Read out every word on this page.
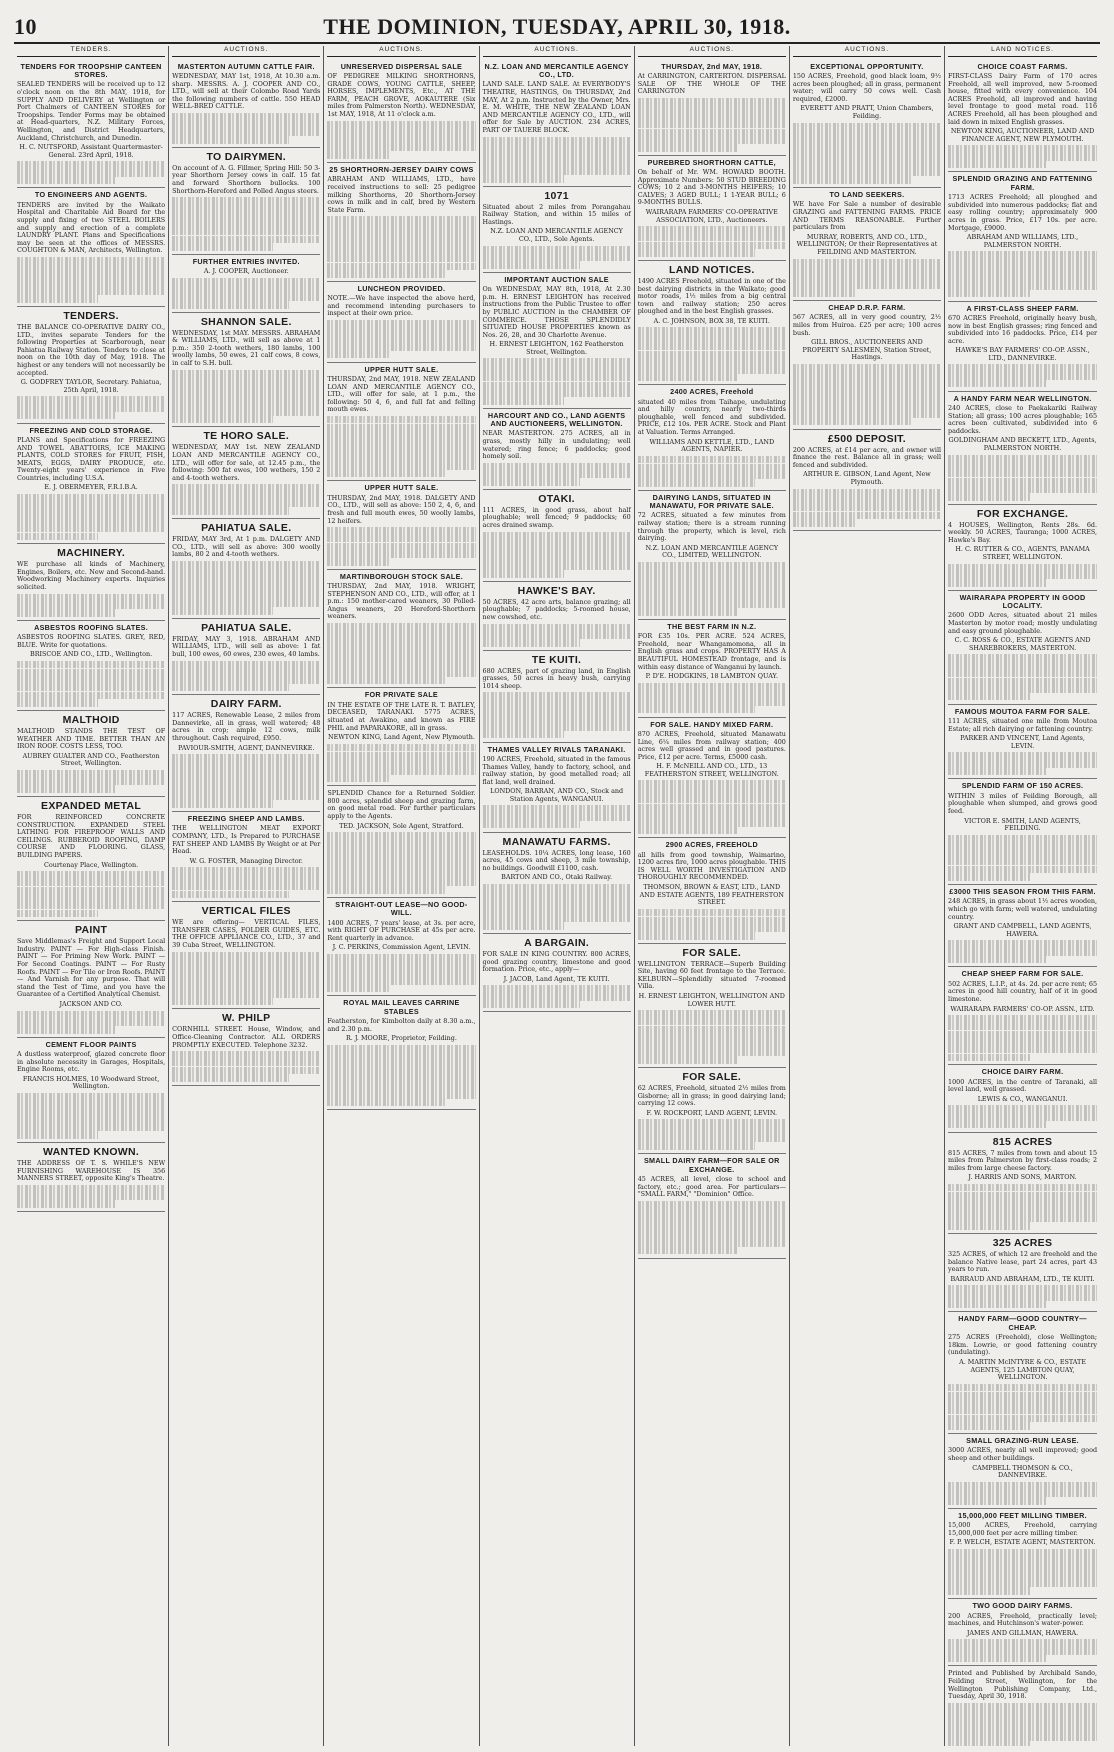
10	THE DOMINION, TUESDAY, APRIL 30, 1918.
TENDERS.
TENDERS FOR TROOPSHIP CANTEEN STORES.

SEALED TENDERS will be received up to 12 o'clock noon on the 8th MAY, 1918, for SUPPLY AND DELIVERY at Wellington or Port Chalmers of CANTEEN STORES for Troopships. Tender Forms may be obtained at Head-quarters, N.Z. Military Forces, Wellington, and District Headquarters, Auckland, Christchurch, and Dunedin.

H. C. NUTSFORD, Assistant Quartermaster-General. 23rd April, 1918.

TO ENGINEERS AND AGENTS.

TENDERS are invited by the Waikato Hospital and Charitable Aid Board for the supply and fixing of two STEEL BOILERS and supply and erection of a complete LAUNDRY PLANT. Plans and Specifications may be seen at the offices of MESSRS. COUGHTON & MAN, Architects, Wellington.

TENDERS.

THE BALANCE CO-OPERATIVE DAIRY CO., LTD., invites separate Tenders for the following Properties at Scarborough, near Pahiatua Railway Station. Tenders to close at noon on the 10th day of May, 1918. The highest or any tenders will not necessarily be accepted.

G. GODFREY TAYLOR, Secretary. Pahiatua, 25th April, 1918.

FREEZING AND COLD STORAGE.

PLANS and Specifications for FREEZING AND TOWEL ABATTOIRS, ICE MAKING PLANTS, COLD STORES for FRUIT, FISH, MEATS, EGGS, DAIRY PRODUCE, etc. Twenty-eight years' experience in Five Countries, including U.S.A.

E. J. OBERMEYER, F.R.I.B.A.

MACHINERY.

WE purchase all kinds of Machinery, Engines, Boilers, etc. New and Second-hand. Woodworking Machinery experts. Inquiries solicited.

ASBESTOS ROOFING SLATES.

ASBESTOS ROOFING SLATES. GREY, RED, BLUE. Write for quotations.

BRISCOE AND CO., LTD., Wellington.

MALTHOID

MALTHOID STANDS THE TEST OF WEATHER AND TIME. BETTER THAN AN IRON ROOF. COSTS LESS, TOO.

AUBREY GUALTER AND CO., Featherston Street, Wellington.

EXPANDED METAL

FOR REINFORCED CONCRETE CONSTRUCTION. EXPANDED STEEL LATHING FOR FIREPROOF WALLS AND CEILINGS. RUBBEROID ROOFING, DAMP COURSE AND FLOORING. GLASS, BUILDING PAPERS.

Courtenay Place, Wellington.

PAINT

Save Middlemas's Freight and Support Local Industry. PAINT — For High-class Finish. PAINT — For Priming New Work. PAINT — For Second Coatings. PAINT — For Rusty Roofs. PAINT — For Tile or Iron Roofs. PAINT — And Varnish for any purpose. That will stand the Test of Time, and you have the Guarantee of a Certified Analytical Chemist.

JACKSON AND CO.

CEMENT FLOOR PAINTS

A dustless waterproof, glazed concrete floor in absolute necessity in Garages, Hospitals, Engine Rooms, etc.

FRANCIS HOLMES, 10 Woodward Street, Wellington.

WANTED KNOWN.

THE ADDRESS OF T. S. WHILE'S NEW FURNISHING WAREHOUSE IS 356 MANNERS STREET, opposite King's Theatre.

AUCTIONS.
MASTERTON AUTUMN CATTLE FAIR.

WEDNESDAY, MAY 1st, 1918, At 10.30 a.m. sharp. MESSRS. A. J. COOPER AND CO., LTD., will sell at their Colombo Road Yards the following numbers of cattle. 550 HEAD WELL-BRED CATTLE.

TO DAIRYMEN.

On account of A. G. Fillmer, Spring Hill: 50 3-year Shorthorn Jersey cows in calf. 15 fat and forward Shorthorn bullocks. 100 Shorthorn-Hereford and Polled Angus steers.

FURTHER ENTRIES INVITED.

A. J. COOPER, Auctioneer.

SHANNON SALE.

WEDNESDAY, 1st MAY. MESSRS. ABRAHAM & WILLIAMS, LTD., will sell as above at 1 p.m.: 350 2-tooth wethers, 180 lambs, 100 woolly lambs, 50 ewes, 21 calf cows, 8 cows, in calf to S.H. bull.

TE HORO SALE.

WEDNESDAY, MAY 1st. NEW ZEALAND LOAN AND MERCANTILE AGENCY CO., LTD., will offer for sale, at 12.45 p.m., the following: 500 fat ewes, 100 wethers, 150 2 and 4-tooth wethers.

PAHIATUA SALE.

FRIDAY, MAY 3rd, At 1 p.m. DALGETY AND CO., LTD., will sell as above: 300 woolly lambs, 80 2 and 4-tooth wethers.

PAHIATUA SALE.

FRIDAY, MAY 3, 1918. ABRAHAM AND WILLIAMS, LTD., will sell as above: 1 fat bull, 100 ewes, 60 ewes, 230 ewes, 40 lambs.

DAIRY FARM.

117 ACRES, Renewable Lease, 2 miles from Dannevirke, all in grass, well watered; 48 acres in crop; ample 12 cows, milk throughout. Cash required, £950.

PAVIOUR-SMITH, AGENT, DANNEVIRKE.

FREEZING SHEEP AND LAMBS.

THE WELLINGTON MEAT EXPORT COMPANY, LTD., Is Prepared to PURCHASE FAT SHEEP AND LAMBS By Weight or at Per Head.

W. G. FOSTER, Managing Director.

VERTICAL FILES

WE are offering— VERTICAL FILES, TRANSFER CASES, FOLDER GUIDES, ETC. THE OFFICE APPLIANCE CO., LTD., 37 and 39 Cuba Street, WELLINGTON.

W. PHILP

CORNHILL STREET. House, Window, and Office-Cleaning Contractor. ALL ORDERS PROMPTLY EXECUTED. Telephone 3232.

AUCTIONS.
UNRESERVED DISPERSAL SALE

OF PEDIGREE MILKING SHORTHORNS, GRADE COWS, YOUNG CATTLE, SHEEP, HORSES, IMPLEMENTS, Etc., AT THE FARM, PEACH GROVE, AOKAUTERE (Six miles from Palmerston North). WEDNESDAY, 1st MAY, 1918, At 11 o'clock a.m.

25 SHORTHORN-JERSEY DAIRY COWS

ABRAHAM AND WILLIAMS, LTD., have received instructions to sell: 25 pedigree milking Shorthorns, 20 Shorthorn-Jersey cows in milk and in calf, bred by Western State Farm.

LUNCHEON PROVIDED.

NOTE.—We have inspected the above herd, and recommend intending purchasers to inspect at their own price.

UPPER HUTT SALE.

THURSDAY, 2nd MAY, 1918. NEW ZEALAND LOAN AND MERCANTILE AGENCY CO., LTD., will offer for sale, at 1 p.m., the following: 50 4, 6, and full fat and felling mouth ewes.

UPPER HUTT SALE.

THURSDAY, 2nd MAY, 1918. DALGETY AND CO., LTD., will sell as above: 150 2, 4, 6, and fresh and full mouth ewes, 50 woolly lambs, 12 heifers.

MARTINBOROUGH STOCK SALE.

THURSDAY, 2nd MAY, 1918. WRIGHT, STEPHENSON AND CO., LTD., will offer, at 1 p.m.: 150 mother-cared weaners, 30 Polled-Angus weaners, 20 Hereford-Shorthorn weaners.

FOR PRIVATE SALE

IN THE ESTATE OF THE LATE R. T. BATLEY, DECEASED, TARANAKI. 5775 ACRES, situated at Awakino, and known as FIRE PHIL and PAPARAKORE, all in grass.

NEWTON KING, Land Agent, New Plymouth.

SPLENDID Chance for a Returned Soldier. 800 acres, splendid sheep and grazing farm, on good metal road. For further particulars apply to the Agents.

TED. JACKSON, Sole Agent, Stratford.

STRAIGHT-OUT LEASE—NO GOOD-WILL.

1400 ACRES, 7 years' lease, at 3s. per acre, with RIGHT OF PURCHASE at 45s per acre. Rent quarterly in advance.

J. C. PERKINS, Commission Agent, LEVIN.

ROYAL MAIL LEAVES CARRINE STABLES

Featherston, for Kimbolton daily at 8.30 a.m., and 2.30 p.m.

R. J. MOORE, Proprietor, Feilding.

AUCTIONS.
N.Z. LOAN AND MERCANTILE AGENCY CO., LTD.

LAND SALE. LAND SALE. At EVERYBODY'S THEATRE, HASTINGS, On THURSDAY, 2nd MAY, At 2 p.m. Instructed by the Owner, Mrs. E. M. WHITE, THE NEW ZEALAND LOAN AND MERCANTILE AGENCY CO., LTD., will offer for Sale by AUCTION. 234 ACRES, PART OF TAUERE BLOCK.

1071

Situated about 2 miles from Porangahau Railway Station, and within 15 miles of Hastings.

N.Z. LOAN AND MERCANTILE AGENCY CO., LTD., Sole Agents.

IMPORTANT AUCTION SALE

On WEDNESDAY, MAY 8th, 1918, At 2.30 p.m. H. ERNEST LEIGHTON has received instructions from the Public Trustee to offer by PUBLIC AUCTION in the CHAMBER OF COMMERCE. THOSE SPLENDIDLY SITUATED HOUSE PROPERTIES known as Nos. 26, 28, and 30 Charlotte Avenue.

H. ERNEST LEIGHTON, 162 Featherston Street, Wellington.

HARCOURT AND CO., LAND AGENTS AND AUCTIONEERS, WELLINGTON.

NEAR MASTERTON. 275 ACRES, all in grass, mostly hilly in undulating; well watered; ring fence; 6 paddocks; good homely soil.

OTAKI.

111 ACRES, in good grass, about half ploughable; well fenced; 9 paddocks; 60 acres drained swamp.

HAWKE'S BAY.

50 ACRES, 42 acre arts, balance grazing; all ploughable; 7 paddocks; 5-roomed house, new cowshed, etc.

TE KUITI.

680 ACRES, part of grazing land, in English grasses, 50 acres in heavy bush, carrying 1014 sheep.

THAMES VALLEY RIVALS TARANAKI.

190 ACRES, Freehold, situated in the famous Thames Valley, handy to factory, school, and railway station, by good metalled road; all flat land, well drained.

LONDON, BARRAN, AND CO., Stock and Station Agents, WANGANUI.

MANAWATU FARMS.

LEASEHOLDS. 10¼ ACRES, long lease, 160 acres, 45 cows and sheep, 3 mile township, no buildings. Goodwill £1100, cash.

BARTON AND CO., Otaki Railway.

A BARGAIN.

FOR SALE IN KING COUNTRY. 800 ACRES, good grazing country, limestone and good formation. Price, etc., apply—

J. JACOB, Land Agent, TE KUITI.

AUCTIONS.
THURSDAY, 2nd MAY, 1918.

At CARRINGTON, CARTERTON. DISPERSAL SALE OF THE WHOLE OF THE CARRINGTON

PUREBRED SHORTHORN CATTLE,

On behalf of Mr. WM. HOWARD BOOTH. Approximate Numbers: 50 STUD BREEDING COWS; 10 2 and 3-MONTHS HEIFERS; 10 CALVES; 3 AGED BULL; 1 1-YEAR BULL; 6 9-MONTHS BULLS.

WAIRARAPA FARMERS' CO-OPERATIVE ASSOCIATION, LTD., Auctioneers.

LAND NOTICES.

1490 ACRES Freehold, situated in one of the best dairying districts in the Waikato; good motor roads, 1½ miles from a big central town and railway station; 250 acres ploughed and in the best English grasses.

A. C. JOHNSON, BOX 38, TE KUITI.

2400 ACRES, Freehold

situated 40 miles from Taihape, undulating and hilly country, nearly two-thirds ploughable, well fenced and subdivided. PRICE, £12 10s. PER ACRE. Stock and Plant at Valuation. Terms Arranged.

WILLIAMS AND KETTLE, LTD., LAND AGENTS, NAPIER.

DAIRYING LANDS, SITUATED IN MANAWATU, FOR PRIVATE SALE.

72 ACRES, situated a few minutes from railway station; there is a stream running through the property, which is level, rich dairying.

N.Z. LOAN AND MERCANTILE AGENCY CO., LIMITED, WELLINGTON.

THE BEST FARM IN N.Z.

FOR £35 10s. PER ACRE. 524 ACRES, Freehold, near Whangamomona, all in English grass and crops. PROPERTY HAS A BEAUTIFUL HOMESTEAD frontage, and is within easy distance of Wanganui by launch.

P. D'E. HODGKINS, 18 LAMBTON QUAY.

FOR SALE. HANDY MIXED FARM.

870 ACRES, Freehold, situated Manawatu Line, 6¼ miles from railway station; 400 acres well grassed and in good pastures. Price, £12 per acre. Terms, £5000 cash.

H. F. McNEILL AND CO., LTD., 13 FEATHERSTON STREET, WELLINGTON.

2900 ACRES, FREEHOLD

all hills from good township, Waimarino, 1200 acres fire, 1000 acres ploughable. THIS IS WELL WORTH INVESTIGATION AND THOROUGHLY RECOMMENDED.

THOMSON, BROWN & EAST, LTD., LAND AND ESTATE AGENTS, 189 FEATHERSTON STREET.

FOR SALE.

WELLINGTON TERRACE—Superb Building Site, having 60 feet frontage to the Terrace. KELBURN—Splendidly situated 7-roomed Villa.

H. ERNEST LEIGHTON, WELLINGTON AND LOWER HUTT.

FOR SALE.

62 ACRES, Freehold, situated 2½ miles from Gisborne; all in grass; in good dairying land; carrying 12 cows.

F. W. ROCKPORT, LAND AGENT, LEVIN.

SMALL DAIRY FARM—FOR SALE OR EXCHANGE.

45 ACRES, all level, close to school and factory, etc.; good area. For particulars— "SMALL FARM," "Dominion" Office.

AUCTIONS.
EXCEPTIONAL OPPORTUNITY.

150 ACRES, Freehold, good black loam, 9½ acres been ploughed; all in grass, permanent water; will carry 50 cows well. Cash required, £2000.

EVERETT AND PRATT, Union Chambers, Feilding.

TO LAND SEEKERS.

WE have For Sale a number of desirable GRAZING and FATTENING FARMS. PRICE AND TERMS REASONABLE. Further particulars from

MURRAY, ROBERTS, AND CO., LTD., WELLINGTON; Or their Representatives at FEILDING AND MASTERTON.

CHEAP D.R.P. FARM.

567 ACRES, all in very good country, 2½ miles from Huiroa. £25 per acre; 100 acres bush.

GILL BROS., AUCTIONEERS AND PROPERTY SALESMEN, Station Street, Hastings.

£500 DEPOSIT.

200 ACRES, at £14 per acre, and owner will finance the rest. Balance all in grass; well fenced and subdivided.

ARTHUR E. GIBSON, Land Agent, New Plymouth.

LAND NOTICES.
CHOICE COAST FARMS.

FIRST-CLASS Dairy Farm of 170 acres Freehold, all well improved, new 5-roomed house, fitted with every convenience. 104 ACRES Freehold, all improved and having level frontage to good metal road. 116 ACRES Freehold, all has been ploughed and laid down in mixed English grasses.

NEWTON KING, AUCTIONEER, LAND AND FINANCE AGENT, NEW PLYMOUTH.

SPLENDID GRAZING AND FATTENING FARM.

1713 ACRES Freehold; all ploughed and subdivided into numerous paddocks; flat and easy rolling country; approximately 900 acres in grass. Price, £17 10s. per acre. Mortgage, £9000.

ABRAHAM AND WILLIAMS, LTD., PALMERSTON NORTH.

A FIRST-CLASS SHEEP FARM.

670 ACRES Freehold, originally heavy bush, now in best English grasses; ring fenced and subdivided into 16 paddocks. Price, £14 per acre.

HAWKE'S BAY FARMERS' CO-OP. ASSN., LTD., DANNEVIRKE.

A HANDY FARM NEAR WELLINGTON.

240 ACRES, close to Paekakariki Railway Station; all grass; 100 acres ploughable; 165 acres been cultivated, subdivided into 6 paddocks.

GOLDINGHAM AND BECKETT, LTD., Agents, PALMERSTON NORTH.

FOR EXCHANGE.

4 HOUSES, Wellington, Rents 28s. 6d. weekly. 50 ACRES, Tauranga; 1000 ACRES, Hawke's Bay.

H. C. RUTTER & CO., AGENTS, PANAMA STREET, WELLINGTON.

WAIRARAPA PROPERTY IN GOOD LOCALITY.

2600 ODD Acres, situated about 21 miles Masterton by motor road; mostly undulating and easy ground ploughable.

C. C. ROSS & CO., ESTATE AGENTS AND SHAREBROKERS, MASTERTON.

FAMOUS MOUTOA FARM FOR SALE.

111 ACRES, situated one mile from Moutoa Estate; all rich dairying or fattening country.

PARKER AND VINCENT, Land Agents, LEVIN.

SPLENDID FARM OF 150 ACRES.

WITHIN 3 miles of Feilding Borough, all ploughable when slumped, and grows good feed.

VICTOR E. SMITH, LAND AGENTS, FEILDING.

£3000 THIS SEASON FROM THIS FARM.

248 ACRES, in grass about 1½ acres wooden, which go with farm; well watered, undulating country.

GRANT AND CAMPBELL, LAND AGENTS, HAWERA.

CHEAP SHEEP FARM FOR SALE.

502 ACRES, L.I.P., at 4s. 2d. per acre rent; 65 acres in good hill country, half of it in good limestone.

WAIRARAPA FARMERS' CO-OP. ASSN., LTD.

CHOICE DAIRY FARM.

1000 ACRES, in the centre of Taranaki, all level land, well grassed.

LEWIS & CO., WANGANUI.

815 ACRES

815 ACRES, 7 miles from town and about 15 miles from Palmerston by first-class roads; 2 miles from large cheese factory.

J. HARRIS AND SONS, MARTON.

325 ACRES

325 ACRES, of which 12 are freehold and the balance Native lease, part 24 acres, part 43 years to run.

BARRAUD AND ABRAHAM, LTD., TE KUITI.

HANDY FARM—GOOD COUNTRY—CHEAP.

275 ACRES (Freehold), close Wellington; 18km. Lowrie, or good fattening country (undulating).

A. MARTIN McINTYRE & CO., ESTATE AGENTS, 125 LAMBTON QUAY, WELLINGTON.

SMALL GRAZING-RUN LEASE.

3000 ACRES, nearly all well improved; good sheep and other buildings.

CAMPBELL THOMSON & CO., DANNEVIRKE.

15,000,000 FEET MILLING TIMBER.

15,000 ACRES, Freehold, carrying 15,000,000 feet per acre milling timber.

F. P. WELCH, ESTATE AGENT, MASTERTON.

TWO GOOD DAIRY FARMS.

200 ACRES, Freehold, practically level; machines, and Hutchinson's water-power.

JAMES AND GILLMAN, HAWERA.

Printed and Published by Archibald Sando, Feilding Street, Wellington, for the Wellington Publishing Company, Ltd., Tuesday, April 30, 1918.
